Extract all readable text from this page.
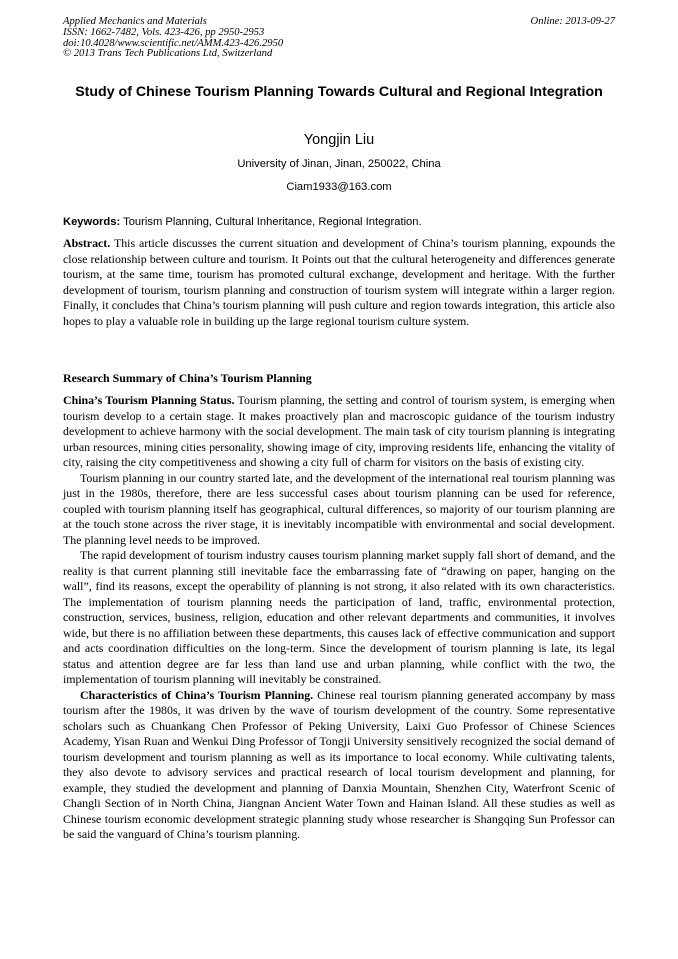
Applied Mechanics and Materials
ISSN: 1662-7482, Vols. 423-426, pp 2950-2953
doi:10.4028/www.scientific.net/AMM.423-426.2950
© 2013 Trans Tech Publications Ltd, Switzerland
Online: 2013-09-27
Study of Chinese Tourism Planning Towards Cultural and Regional Integration
Yongjin Liu
University of Jinan, Jinan, 250022, China
Ciam1933@163.com
Keywords: Tourism Planning, Cultural Inheritance, Regional Integration.
Abstract. This article discusses the current situation and development of China’s tourism planning, expounds the close relationship between culture and tourism. It Points out that the cultural heterogeneity and differences generate tourism, at the same time, tourism has promoted cultural exchange, development and heritage. With the further development of tourism, tourism planning and construction of tourism system will integrate within a larger region. Finally, it concludes that China’s tourism planning will push culture and region towards integration, this article also hopes to play a valuable role in building up the large regional tourism culture system.
Research Summary of China’s Tourism Planning

China’s Tourism Planning Status. Tourism planning, the setting and control of tourism system, is emerging when tourism develop to a certain stage. It makes proactively plan and macroscopic guidance of the tourism industry development to achieve harmony with the social development. The main task of city tourism planning is integrating urban resources, mining cities personality, showing image of city, improving residents life, enhancing the vitality of city, raising the city competitiveness and showing a city full of charm for visitors on the basis of existing city.

Tourism planning in our country started late, and the development of the international real tourism planning was just in the 1980s, therefore, there are less successful cases about tourism planning can be used for reference, coupled with tourism planning itself has geographical, cultural differences, so majority of our tourism planning are at the touch stone across the river stage, it is inevitably incompatible with environmental and social development. The planning level needs to be improved.

The rapid development of tourism industry causes tourism planning market supply fall short of demand, and the reality is that current planning still inevitable face the embarrassing fate of “drawing on paper, hanging on the wall”, find its reasons, except the operability of planning is not strong, it also related with its own characteristics. The implementation of tourism planning needs the participation of land, traffic, environmental protection, construction, services, business, religion, education and other relevant departments and communities, it involves wide, but there is no affiliation between these departments, this causes lack of effective communication and support and acts coordination difficulties on the long-term. Since the development of tourism planning is late, its legal status and attention degree are far less than land use and urban planning, while conflict with the two, the implementation of tourism planning will inevitably be constrained.

Characteristics of China’s Tourism Planning. Chinese real tourism planning generated accompany by mass tourism after the 1980s, it was driven by the wave of tourism development of the country. Some representative scholars such as Chuankang Chen Professor of Peking University, Laixi Guo Professor of Chinese Sciences Academy, Yisan Ruan and Wenkui Ding Professor of Tongji University sensitively recognized the social demand of tourism development and tourism planning as well as its importance to local economy. While cultivating talents, they also devote to advisory services and practical research of local tourism development and planning, for example, they studied the development and planning of Danxia Mountain, Shenzhen City, Waterfront Scenic of Changli Section of in North China, Jiangnan Ancient Water Town and Hainan Island. All these studies as well as Chinese tourism economic development strategic planning study whose researcher is Shangqing Sun Professor can be said the vanguard of China’s tourism planning.
